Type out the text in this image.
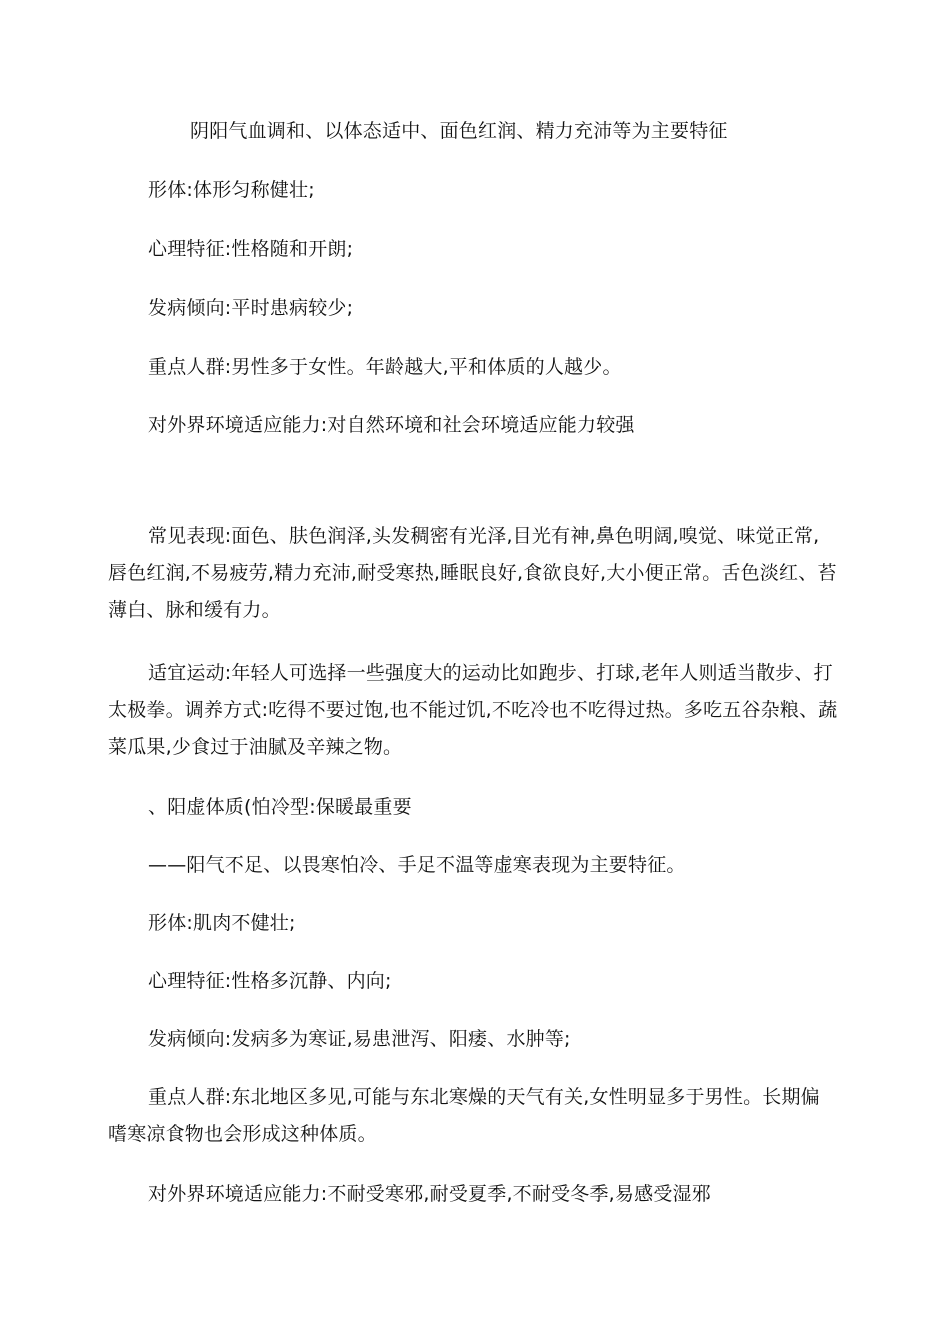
阴阳气血调和、以体态适中、面色红润、精力充沛等为主要特征
形体:体形匀称健壮;
心理特征:性格随和开朗;
发病倾向:平时患病较少;
重点人群:男性多于女性。年龄越大,平和体质的人越少。
对外界环境适应能力:对自然环境和社会环境适应能力较强
常见表现:面色、肤色润泽,头发稠密有光泽,目光有神,鼻色明阔,嗅觉、味觉正常,唇色红润,不易疲劳,精力充沛,耐受寒热,睡眠良好,食欲良好,大小便正常。舌色淡红、苔薄白、脉和缓有力。
适宜运动:年轻人可选择一些强度大的运动比如跑步、打球,老年人则适当散步、打太极拳。调养方式:吃得不要过饱,也不能过饥,不吃冷也不吃得过热。多吃五谷杂粮、蔬菜瓜果,少食过于油腻及辛辣之物。
、阳虚体质(怕冷型:保暖最重要
——阳气不足、以畏寒怕冷、手足不温等虚寒表现为主要特征。
形体:肌肉不健壮;
心理特征:性格多沉静、内向;
发病倾向:发病多为寒证,易患泄泻、阳痿、水肿等;
重点人群:东北地区多见,可能与东北寒燥的天气有关,女性明显多于男性。长期偏嗜寒凉食物也会形成这种体质。
对外界环境适应能力:不耐受寒邪,耐受夏季,不耐受冬季,易感受湿邪
